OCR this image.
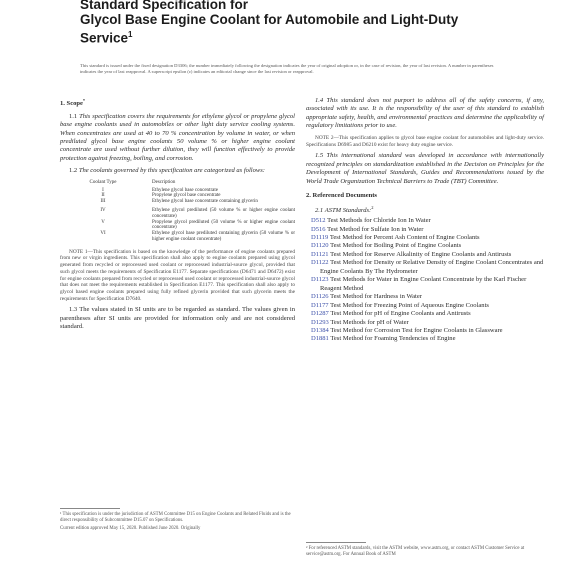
Standard Specification for
Glycol Base Engine Coolant for Automobile and Light-Duty
Service$^1$
This standard is issued under the fixed designation D3306; the number immediately following the designation indicates the year of original adoption or, in the case of revision, the year of last revision. A number in parentheses indicates the year of last reapproval. A superscript epsilon (ε) indicates an editorial change since the last revision or reapproval.
1. Scope*

1.1 This specification covers the requirements for ethylene glycol or propylene glycol base engine coolants used in automobiles or other light duty service cooling systems. When concentrates are used at 40 to 70 % concentration by volume in water, or when prediluted glycol base engine coolants 50 volume % or higher engine coolant concentrate are used without further dilution, they will function effectively to provide protection against freezing, boiling, and corrosion.

1.2 The coolants governed by this specification are categorized as follows:

Coolant Type	Description
I	Ethylene glycol base concentrate
II	Propylene glycol base concentrate
III	Ethylene glycol base concentrate containing glycerin
IV	Ethylene glycol prediluted (50 volume % or higher engine coolant concentrate)
V	Propylene glycol prediluted (50 volume % or higher engine coolant concentrate)
VI	Ethylene glycol base prediluted containing glycerin (50 volume % or higher engine coolant concentrate)
NOTE 1—This specification is based on the knowledge of the performance of engine coolants prepared from new or virgin ingredients. This specification shall also apply to engine coolants prepared using glycol generated from recycled or reprocessed used coolant or reprocessed industrial-source glycol, provided that such glycol meets the requirements of Specification E1177. Separate specifications (D6471 and D6472) exist for engine coolants prepared from recycled or reprocessed used coolant or reprocessed industrial-source glycol that does not meet the requirements established in Specification E1177. This specification shall also apply to glycol based engine coolants prepared using fully refined glycerin provided that such glycerin meets the requirements for Specification D7640.

1.3 The values stated in SI units are to be regarded as standard. The values given in parentheses after SI units are provided for information only and are not considered standard.

1.4 This standard does not purport to address all of the safety concerns, if any, associated with its use. It is the responsibility of the user of this standard to establish appropriate safety, health, and environmental practices and determine the applicability of regulatory limitations prior to use.

NOTE 2—This specification applies to glycol base engine coolant for automobiles and light-duty service. Specifications D6985 and D6210 exist for heavy duty engine service.

1.5 This international standard was developed in accordance with internationally recognized principles on standardization established in the Decision on Principles for the Development of International Standards, Guides and Recommendations issued by the World Trade Organization Technical Barriers to Trade (TBT) Committee.

2. Referenced Documents

2.1 ASTM Standards:$^2$

D512 Test Methods for Chloride Ion In Water
D516 Test Method for Sulfate Ion in Water
D1119 Test Method for Percent Ash Content of Engine Coolants
D1120 Test Method for Boiling Point of Engine Coolants
D1121 Test Method for Reserve Alkalinity of Engine Coolants and Antirusts
D1122 Test Method for Density or Relative Density of Engine Coolant Concentrates and Engine Coolants By The Hydrometer
D1123 Test Methods for Water in Engine Coolant Concentrate by the Karl Fischer Reagent Method
D1126 Test Method for Hardness in Water
D1177 Test Method for Freezing Point of Aqueous Engine Coolants
D1287 Test Method for pH of Engine Coolants and Antirusts
D1293 Test Methods for pH of Water
D1384 Test Method for Corrosion Test for Engine Coolants in Glassware
D1881 Test Method for Foaming Tendencies of Engine
¹ This specification is under the jurisdiction of ASTM Committee D15 on Engine Coolants and Related Fluids and is the direct responsibility of Subcommittee D15.07 on Specifications.
Current edition approved May 15, 2020. Published June 2020. Originally
² For referenced ASTM standards, visit the ASTM website, www.astm.org, or contact ASTM Customer Service at service@astm.org. For Annual Book of ASTM
